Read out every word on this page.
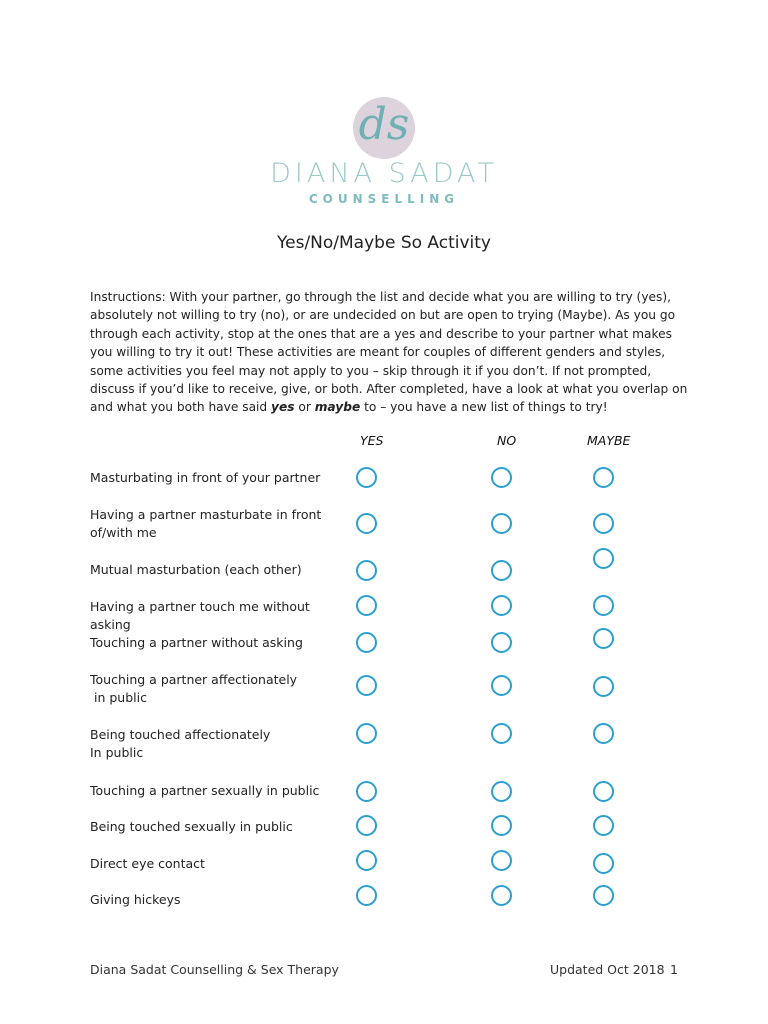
ds
DIANA SADAT
COUNSELLING
Yes/No/Maybe So Activity
Instructions: With your partner, go through the list and decide what you are willing to try (yes), absolutely not willing to try (no), or are undecided on but are open to trying (Maybe). As you go through each activity, stop at the ones that are a yes and describe to your partner what makes you willing to try it out! These activities are meant for couples of different genders and styles, some activities you feel may not apply to you – skip through it if you don’t. If not prompted, discuss if you’d like to receive, give, or both. After completed, have a look at what you overlap on and what you both have said yes or maybe to – you have a new list of things to try!
YES	NO	MAYBE
Masturbating in front of your partner
Having a partner masturbate in front
of/with me
Mutual masturbation (each other)
Having a partner touch me without asking
Touching a partner without asking
Touching a partner affectionately
in public
Being touched affectionately
In public
Touching a partner sexually in public
Being touched sexually in public
Direct eye contact
Giving hickeys
Diana Sadat Counselling & Sex Therapy	Updated Oct 2018 1
